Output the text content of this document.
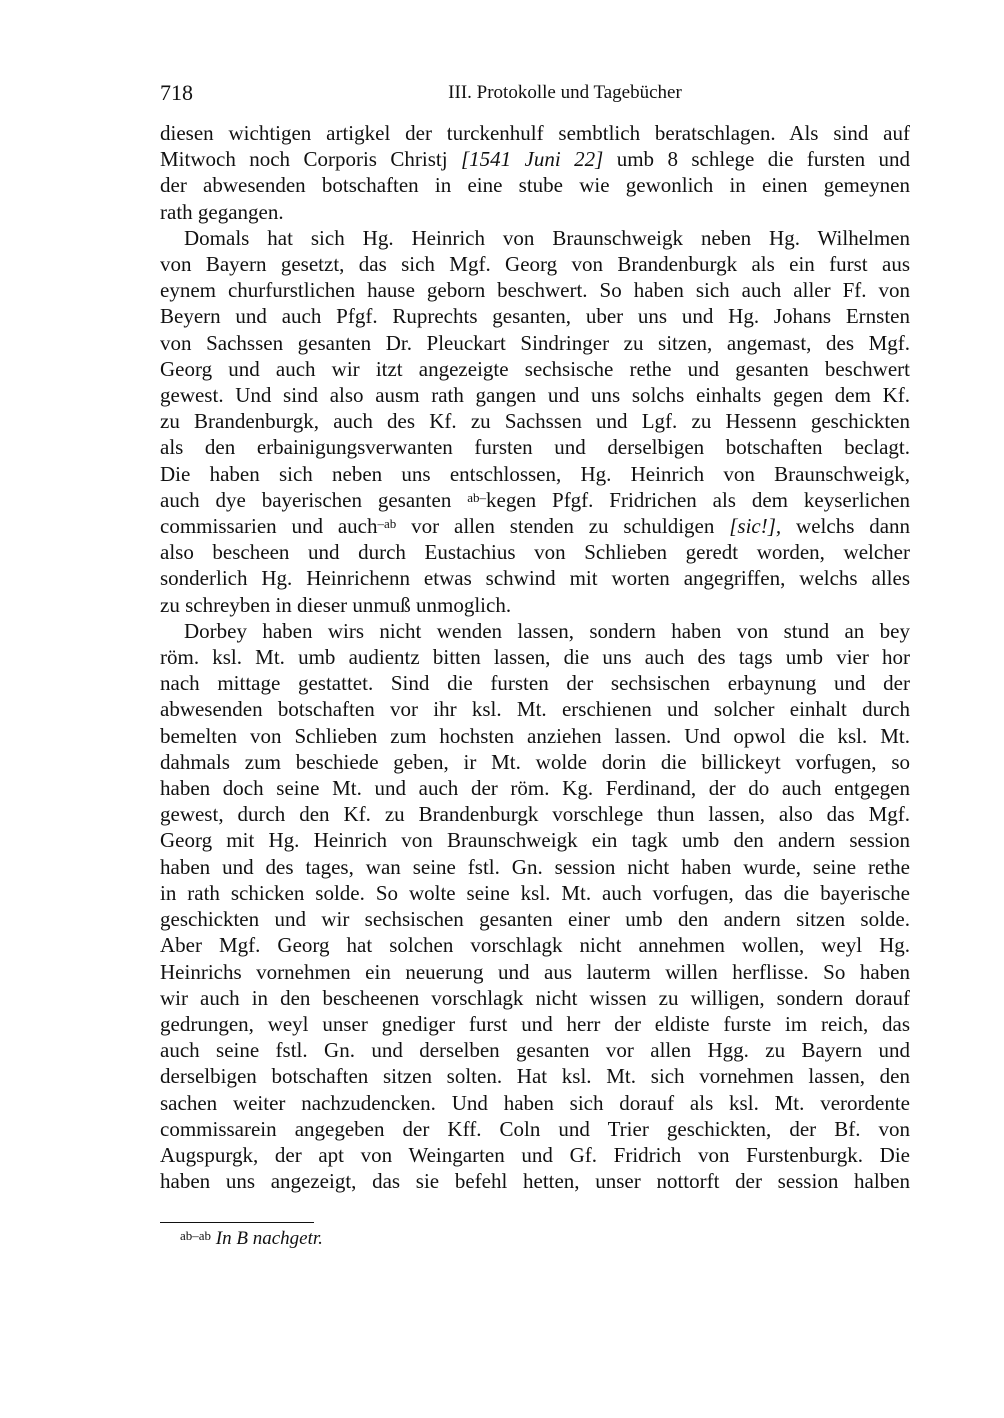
718	III. Protokolle und Tagebücher
diesen wichtigen artigkel der turckenhulf sembtlich beratschlagen. Als sind auf
Mitwoch noch Corporis Christj [1541 Juni 22] umb 8 schlege die fursten und
der abwesenden botschaften in eine stube wie gewonlich in einen gemeynen
rath gegangen.
Domals hat sich Hg. Heinrich von Braunschweigk neben Hg. Wilhelmen
von Bayern gesetzt, das sich Mgf. Georg von Brandenburgk als ein furst aus
eynem churfurstlichen hause geborn beschwert. So haben sich auch aller Ff. von
Beyern und auch Pfgf. Ruprechts gesanten, uber uns und Hg. Johans Ernsten
von Sachssen gesanten Dr. Pleuckart Sindringer zu sitzen, angemast, des Mgf.
Georg und auch wir itzt angezeigte sechsische rethe und gesanten beschwert
gewest. Und sind also ausm rath gangen und uns solchs einhalts gegen dem Kf.
zu Brandenburgk, auch des Kf. zu Sachssen und Lgf. zu Hessenn geschickten
als den erbainigungsverwanten fursten und derselbigen botschaften beclagt.
Die haben sich neben uns entschlossen, Hg. Heinrich von Braunschweigk,
auch dye bayerischen gesanten $^{ab-}$kegen Pfgf. Fridrichen als dem keyserlichen
commissarien und auch$^{-ab}$ vor allen stenden zu schuldigen [sic!], welchs dann
also bescheen und durch Eustachius von Schlieben geredt worden, welcher
sonderlich Hg. Heinrichenn etwas schwind mit worten angegriffen, welchs alles
zu schreyben in dieser unmuß unmoglich.
Dorbey haben wirs nicht wenden lassen, sondern haben von stund an bey
röm. ksl. Mt. umb audientz bitten lassen, die uns auch des tags umb vier hor
nach mittage gestattet. Sind die fursten der sechsischen erbaynung und der
abwesenden botschaften vor ihr ksl. Mt. erschienen und solcher einhalt durch
bemelten von Schlieben zum hochsten anziehen lassen. Und opwol die ksl. Mt.
dahmals zum beschiede geben, ir Mt. wolde dorin die billickeyt vorfugen, so
haben doch seine Mt. und auch der röm. Kg. Ferdinand, der do auch entgegen
gewest, durch den Kf. zu Brandenburgk vorschlege thun lassen, also das Mgf.
Georg mit Hg. Heinrich von Braunschweigk ein tagk umb den andern session
haben und des tages, wan seine fstl. Gn. session nicht haben wurde, seine rethe
in rath schicken solde. So wolte seine ksl. Mt. auch vorfugen, das die bayerische
geschickten und wir sechsischen gesanten einer umb den andern sitzen solde.
Aber Mgf. Georg hat solchen vorschlagk nicht annehmen wollen, weyl Hg.
Heinrichs vornehmen ein neuerung und aus lauterm willen herflisse. So haben
wir auch in den bescheenen vorschlagk nicht wissen zu willigen, sondern dorauf
gedrungen, weyl unser gnediger furst und herr der eldiste furste im reich, das
auch seine fstl. Gn. und derselben gesanten vor allen Hgg. zu Bayern und
derselbigen botschaften sitzen solten. Hat ksl. Mt. sich vornehmen lassen, den
sachen weiter nachzudencken. Und haben sich dorauf als ksl. Mt. verordente
commissarein angegeben der Kff. Coln und Trier geschickten, der Bf. von
Augspurgk, der apt von Weingarten und Gf. Fridrich von Furstenburgk. Die
haben uns angezeigt, das sie befehl hetten, unser nottorft der session halben
$^{ab-ab}$ In B nachgetr.
